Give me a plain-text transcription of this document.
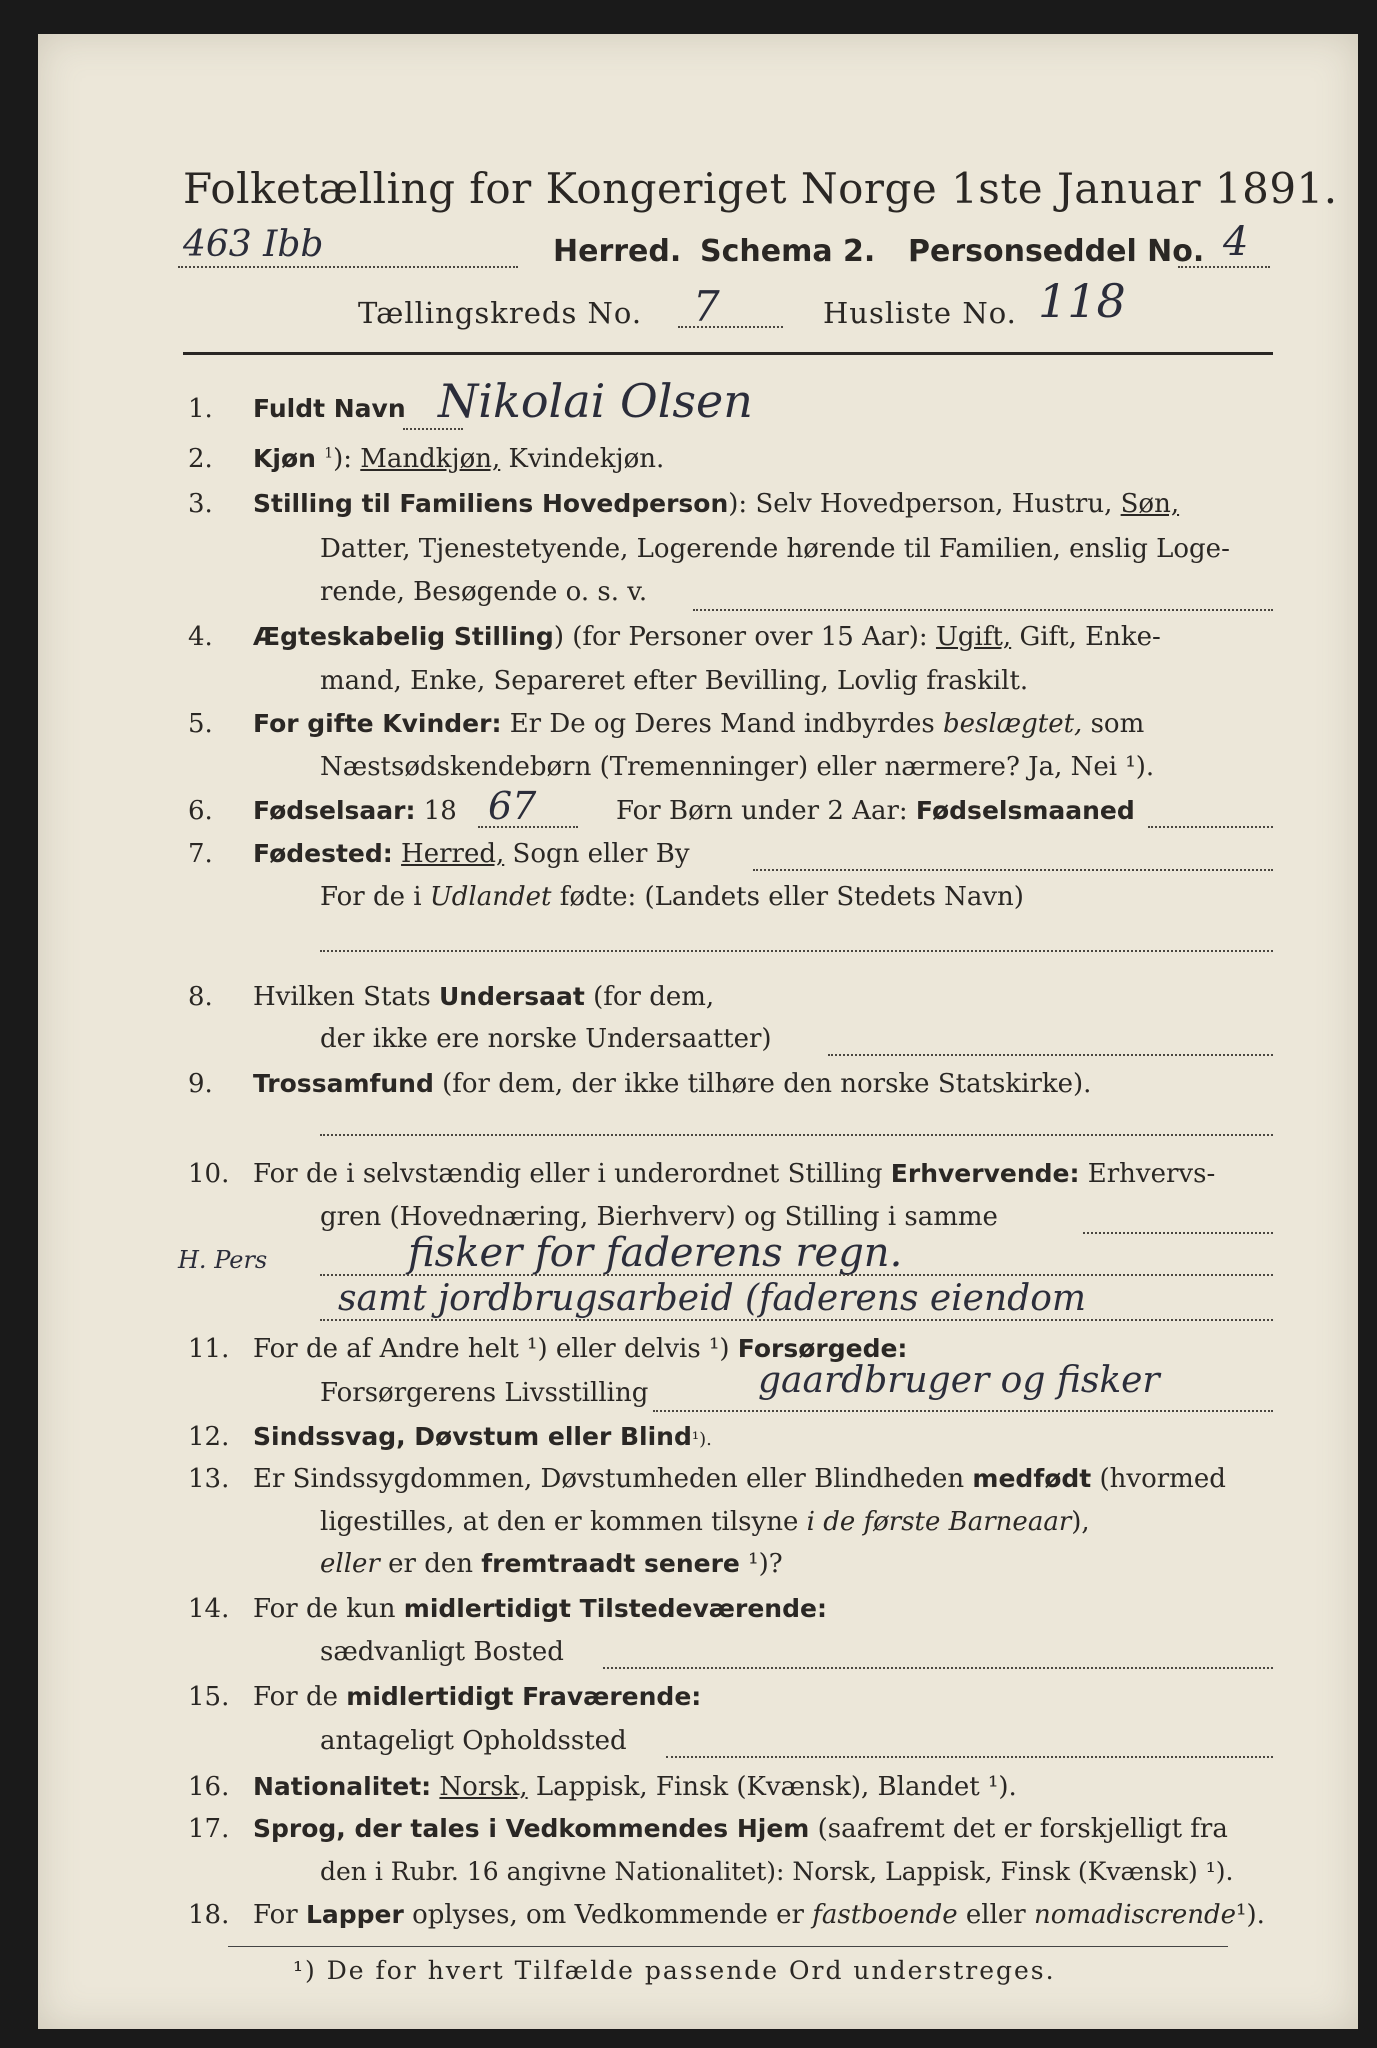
Folketælling for Kongeriget Norge 1ste Januar 1891.
463 Ibb	Herred. Schema 2. Personseddel No. 4
Tællingskreds No. 7	Husliste No. 118
1.	Fuldt Navn Nikolai Olsen
2.	Kjøn $^1$): Mandkjøn, Kvindekjøn.
3.	Stilling til Familiens Hovedperson): Selv Hovedperson, Hustru, Søn,
Datter, Tjenestetyende, Logerende hørende til Familien, enslig Loge-
rende, Besøgende o. s. v.
4.	Ægteskabelig Stilling) (for Personer over 15 Aar): Ugift, Gift, Enke-
mand, Enke, Separeret efter Bevilling, Lovlig fraskilt.
5.	For gifte Kvinder: Er De og Deres Mand indbyrdes beslægtet, som
Næstsødskendebørn (Tremenninger) eller nærmere? Ja, Nei ¹).
6.	Fødselsaar: 18 67	For Børn under 2 Aar: Fødselsmaaned
7.	Fødested: Herred, Sogn eller By
For de i Udlandet fødte: (Landets eller Stedets Navn)
8.	Hvilken Stats Undersaat (for dem,
der ikke ere norske Undersaatter)
9.	Trossamfund (for dem, der ikke tilhøre den norske Statskirke).
10. For de i selvstændig eller i underordnet Stilling Erhvervende: Erhvervs-
gren (Hovednæring, Bierhverv) og Stilling i samme
H. Pers	fisker for faderens regn.
samt jordbrugsarbeid (faderens eiendom
11. For de af Andre helt ¹) eller delvis ¹) Forsørgede:
Forsørgerens Livsstilling	gaardbruger og fisker
12. Sindssvag, Døvstum eller Blind¹).
13. Er Sindssygdommen, Døvstumheden eller Blindheden medfødt (hvormed
ligestilles, at den er kommen tilsyne i de første Barneaar),
eller er den fremtraadt senere ¹)?
14. For de kun midlertidigt Tilstedeværende:
sædvanligt Bosted
15. For de midlertidigt Fraværende:
antageligt Opholdssted
16. Nationalitet: Norsk, Lappisk, Finsk (Kvænsk), Blandet ¹).
17. Sprog, der tales i Vedkommendes Hjem (saafremt det er forskjelligt fra
den i Rubr. 16 angivne Nationalitet): Norsk, Lappisk, Finsk (Kvænsk) ¹).
18. For Lapper oplyses, om Vedkommende er fastboende eller nomadiscrende¹).
¹) De for hvert Tilfælde passende Ord understreges.
